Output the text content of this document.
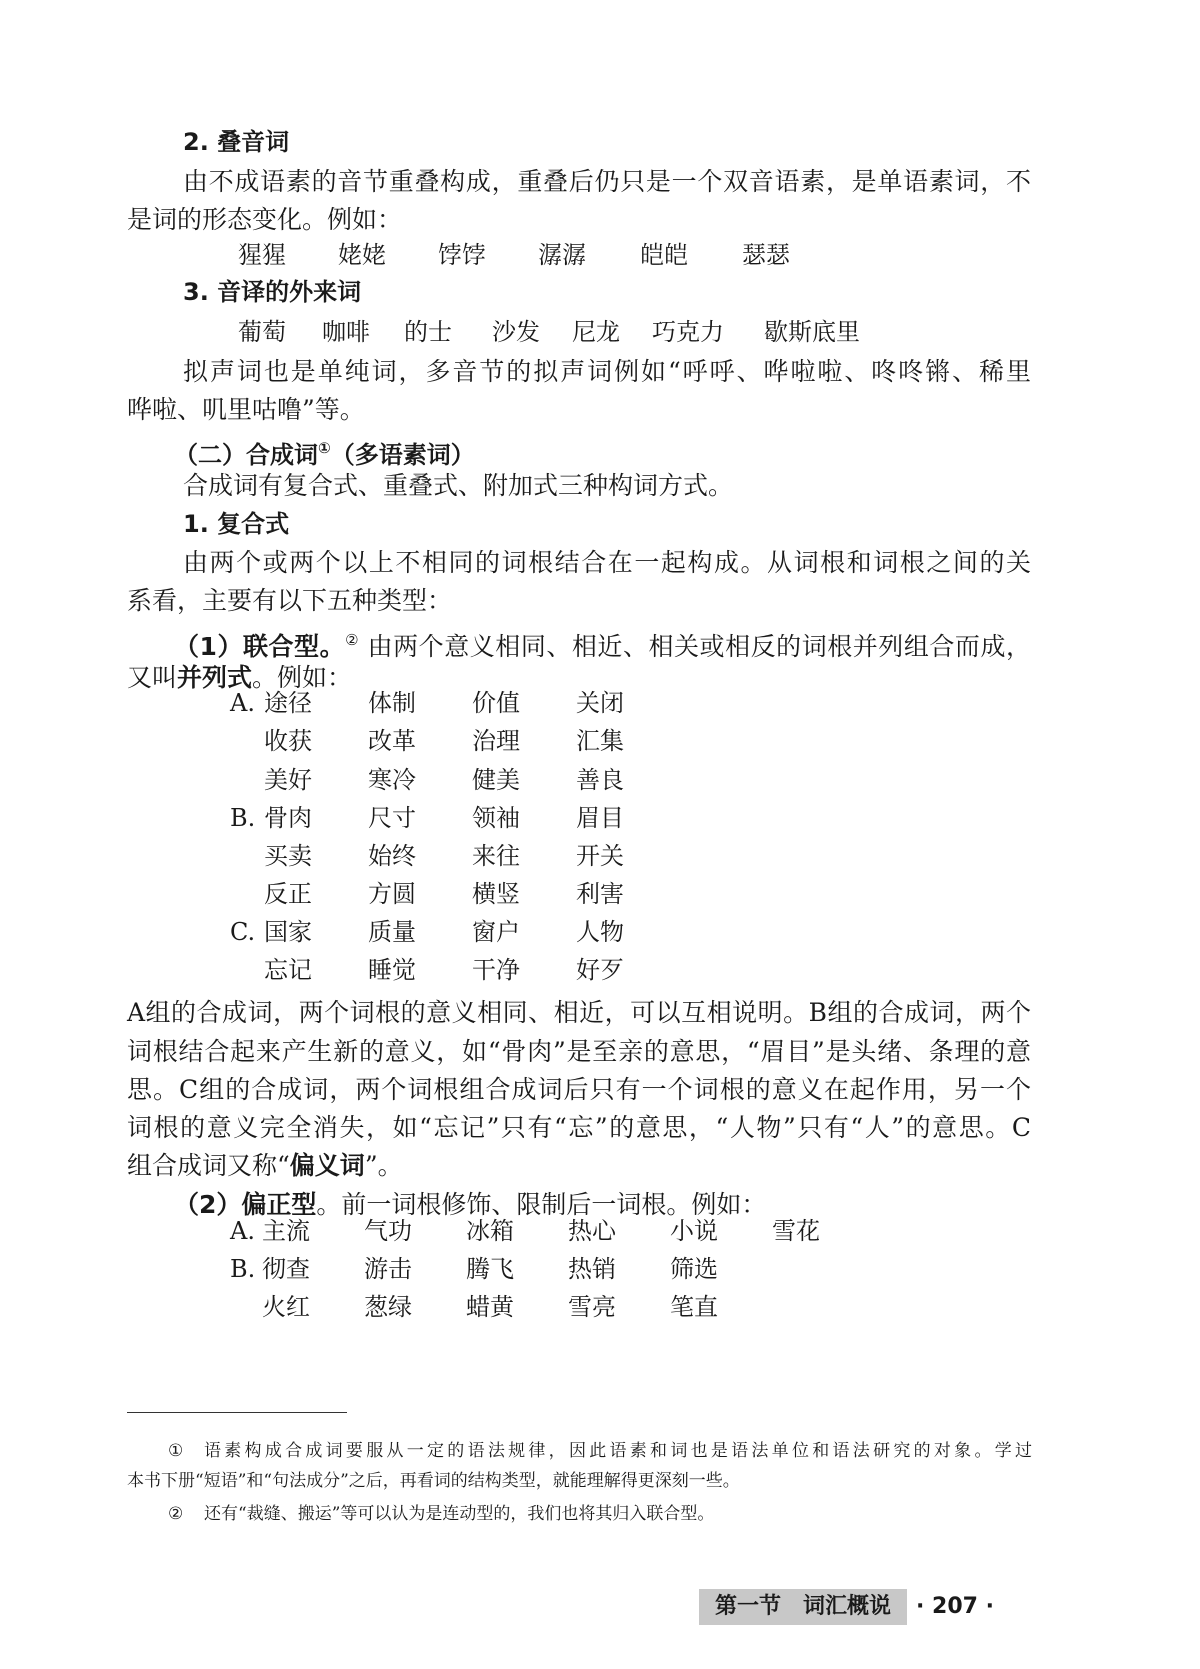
2. 叠音词
由不成语素的音节重叠构成，重叠后仍只是一个双音语素，是单语素词，不
是词的形态变化。例如：
猩猩 姥姥 饽饽 潺潺 皑皑 瑟瑟
3. 音译的外来词
葡萄 咖啡 的士 沙发 尼龙 巧克力 歇斯底里
拟声词也是单纯词，多音节的拟声词例如“呼呼、哗啦啦、咚咚锵、稀里
哗啦、叽里咕噜”等。
（二）合成词①（多语素词）
合成词有复合式、重叠式、附加式三种构词方式。
1. 复合式
由两个或两个以上不相同的词根结合在一起构成。从词根和词根之间的关
系看，主要有以下五种类型：
（1）联合型。② 由两个意义相同、相近、相关或相反的词根并列组合而成，
又叫并列式。例如：
A. 途径 体制 价值 关闭
收获 改革 治理 汇集
美好 寒冷 健美 善良
B. 骨肉 尺寸 领袖 眉目
买卖 始终 来往 开关
反正 方圆 横竖 利害
C. 国家 质量 窗户 人物
忘记 睡觉 干净 好歹
A组的合成词，两个词根的意义相同、相近，可以互相说明。B组的合成词，两个
词根结合起来产生新的意义，如“骨肉”是至亲的意思，“眉目”是头绪、条理的意
思。C组的合成词，两个词根组合成词后只有一个词根的意义在起作用，另一个
词根的意义完全消失，如“忘记”只有“忘”的意思，“人物”只有“人”的意思。C
组合成词又称“偏义词”。
（2）偏正型。前一词根修饰、限制后一词根。例如：
A. 主流 气功 冰箱 热心 小说 雪花
B. 彻查 游击 腾飞 热销 筛选
火红 葱绿 蜡黄 雪亮 笔直
① 语素构成合成词要服从一定的语法规律，因此语素和词也是语法单位和语法研究的对象。学过
本书下册“短语”和“句法成分”之后，再看词的结构类型，就能理解得更深刻一些。
② 还有“裁缝、搬运”等可以认为是连动型的，我们也将其归入联合型。
第一节　词汇概说	· 207 ·
